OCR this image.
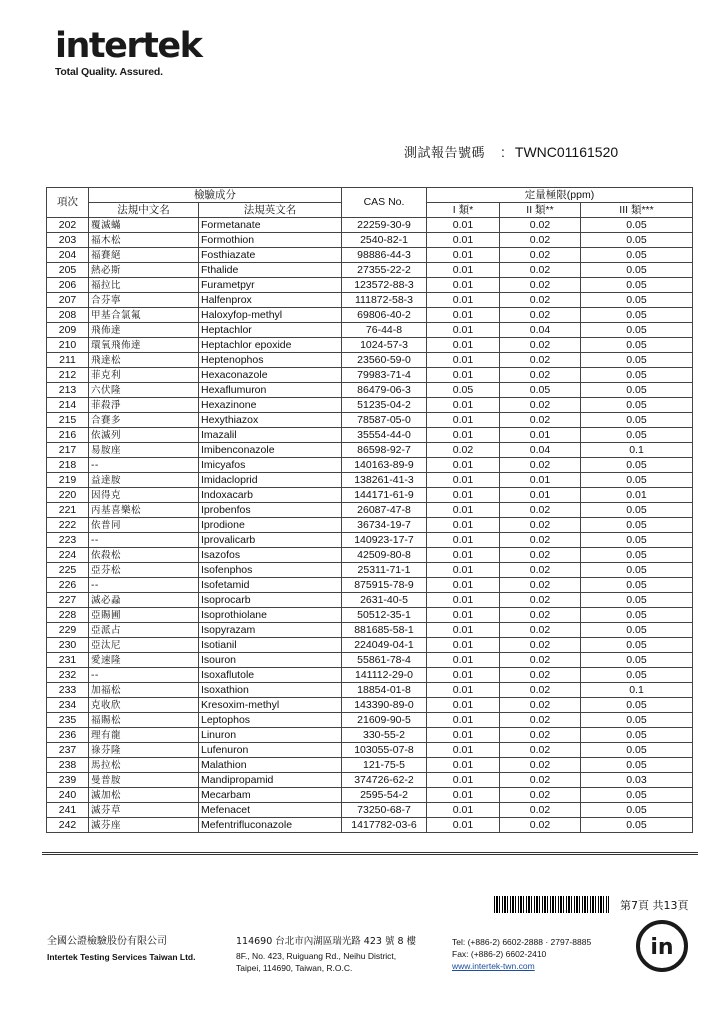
intertek
Total Quality. Assured.
測試報告號碼 : TWNC01161520
項次	檢驗成分		CAS No.	定量極限(ppm)		
	法規中文名	法規英文名		I 類*	II 類**	III 類***
202	覆滅蟎	Formetanate	22259-30-9	0.01	0.02	0.05
203	福木松	Formothion	2540-82-1	0.01	0.02	0.05
204	福賽絕	Fosthiazate	98886-44-3	0.01	0.02	0.05
205	熱必斯	Fthalide	27355-22-2	0.01	0.02	0.05
206	福拉比	Furametpyr	123572-88-3	0.01	0.02	0.05
207	合芬寧	Halfenprox	111872-58-3	0.01	0.02	0.05
208	甲基合氯氟	Haloxyfop-methyl	69806-40-2	0.01	0.02	0.05
209	飛佈達	Heptachlor	76-44-8	0.01	0.04	0.05
210	環氧飛佈達	Heptachlor epoxide	1024-57-3	0.01	0.02	0.05
211	飛達松	Heptenophos	23560-59-0	0.01	0.02	0.05
212	菲克利	Hexaconazole	79983-71-4	0.01	0.02	0.05
213	六伏隆	Hexaflumuron	86479-06-3	0.05	0.05	0.05
214	菲殺淨	Hexazinone	51235-04-2	0.01	0.02	0.05
215	合賽多	Hexythiazox	78587-05-0	0.01	0.02	0.05
216	依滅列	Imazalil	35554-44-0	0.01	0.01	0.05
217	易胺座	Imibenconazole	86598-92-7	0.02	0.04	0.1
218	--	Imicyafos	140163-89-9	0.01	0.02	0.05
219	益達胺	Imidacloprid	138261-41-3	0.01	0.01	0.05
220	因得克	Indoxacarb	144171-61-9	0.01	0.01	0.01
221	丙基喜樂松	Iprobenfos	26087-47-8	0.01	0.02	0.05
222	依普同	Iprodione	36734-19-7	0.01	0.02	0.05
223	--	Iprovalicarb	140923-17-7	0.01	0.02	0.05
224	依殺松	Isazofos	42509-80-8	0.01	0.02	0.05
225	亞芬松	Isofenphos	25311-71-1	0.01	0.02	0.05
226	--	Isofetamid	875915-78-9	0.01	0.02	0.05
227	滅必蝨	Isoprocarb	2631-40-5	0.01	0.02	0.05
228	亞賜圃	Isoprothiolane	50512-35-1	0.01	0.02	0.05
229	亞派占	Isopyrazam	881685-58-1	0.01	0.02	0.05
230	亞汰尼	Isotianil	224049-04-1	0.01	0.02	0.05
231	愛速隆	Isouron	55861-78-4	0.01	0.02	0.05
232	--	Isoxaflutole	141112-29-0	0.01	0.02	0.05
233	加福松	Isoxathion	18854-01-8	0.01	0.02	0.1
234	克收欣	Kresoxim-methyl	143390-89-0	0.01	0.02	0.05
235	福賜松	Leptophos	21609-90-5	0.01	0.02	0.05
236	理有龍	Linuron	330-55-2	0.01	0.02	0.05
237	祿芬隆	Lufenuron	103055-07-8	0.01	0.02	0.05
238	馬拉松	Malathion	121-75-5	0.01	0.02	0.05
239	曼普胺	Mandipropamid	374726-62-2	0.01	0.02	0.03
240	滅加松	Mecarbam	2595-54-2	0.01	0.02	0.05
241	滅芬草	Mefenacet	73250-68-7	0.01	0.02	0.05
242	滅芬座	Mefentrifluconazole	1417782-03-6	0.01	0.02	0.05
第7頁 共13頁
全國公證檢驗股份有限公司
Intertek Testing Services Taiwan Ltd.
114690 台北市內湖區瑞光路 423 號 8 樓
8F., No. 423, Ruiguang Rd., Neihu District,
Taipei, 114690, Taiwan, R.O.C.
Tel: (+886-2) 6602-2888 · 2797-8885
Fax: (+886-2) 6602-2410
www.intertek-twn.com
in
